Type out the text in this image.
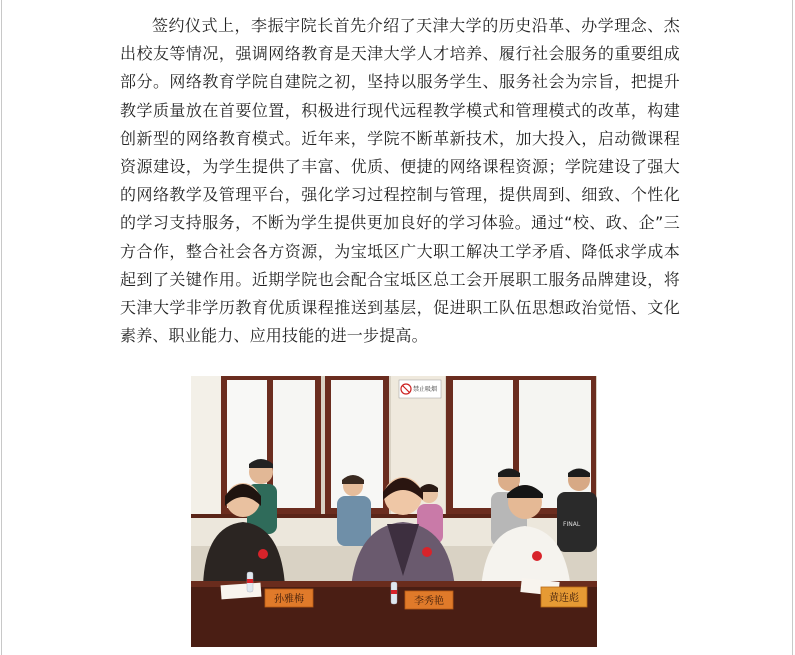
签约仪式上，李振宇院长首先介绍了天津大学的历史沿革、办学理念、杰出校友等情况，强调网络教育是天津大学人才培养、履行社会服务的重要组成部分。网络教育学院自建院之初，坚持以服务学生、服务社会为宗旨，把提升教学质量放在首要位置，积极进行现代远程教学模式和管理模式的改革，构建创新型的网络教育模式。近年来，学院不断革新技术，加大投入，启动微课程资源建设，为学生提供了丰富、优质、便捷的网络课程资源；学院建设了强大的网络教学及管理平台，强化学习过程控制与管理，提供周到、细致、个性化的学习支持服务，不断为学生提供更加良好的学习体验。通过“校、政、企”三方合作，整合社会各方资源，为宝坻区广大职工解决工学矛盾、降低求学成本起到了关键作用。近期学院也会配合宝坻区总工会开展职工服务品牌建设，将天津大学非学历教育优质课程推送到基层，促进职工队伍思想政治觉悟、文化素养、职业能力、应用技能的进一步提高。

禁止吸烟
FINAL
孙雅梅	李秀艳	黄连彪
